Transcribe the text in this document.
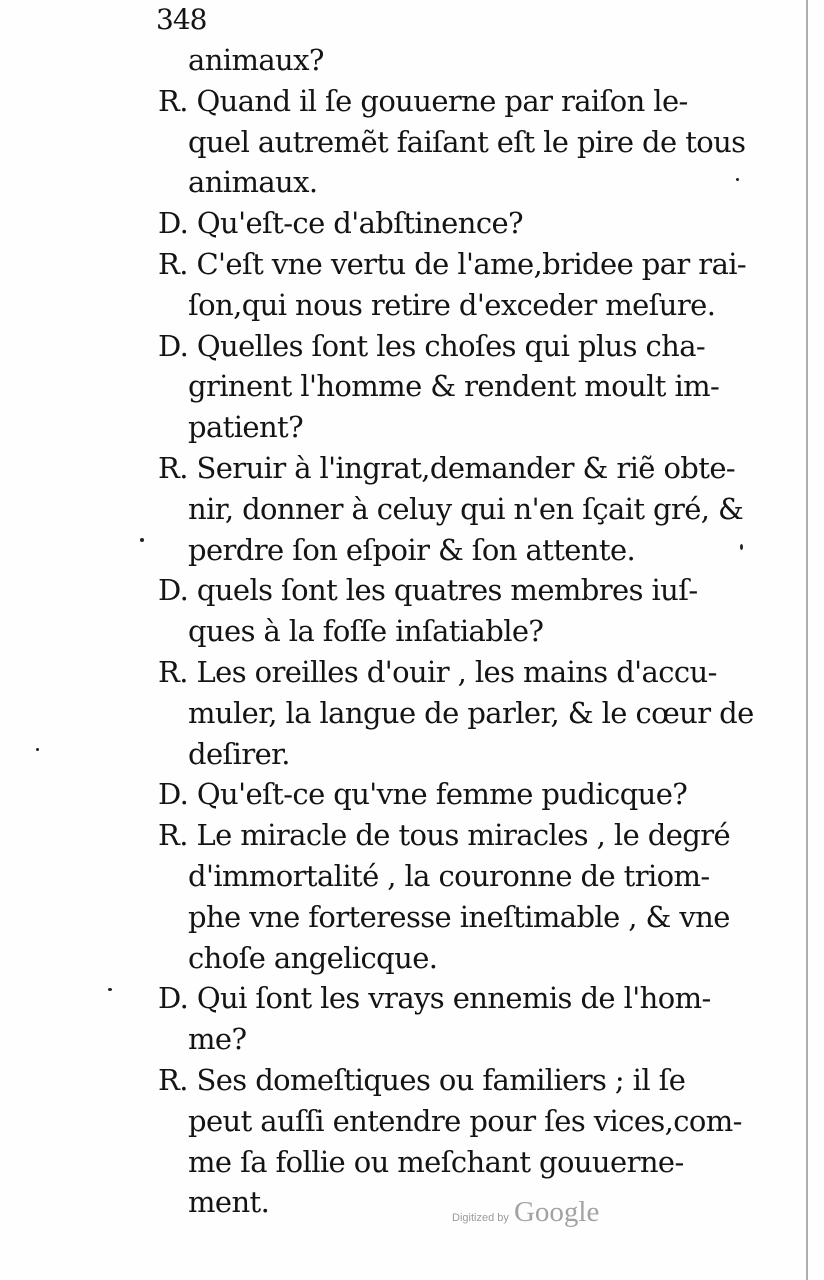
348
animaux?
R. Quand il ſe gouuerne par raiſon le-
quel autremẽt faiſant eſt le pire de tous
animaux.
D. Qu'eſt-ce d'abſtinence?
R. C'eſt vne vertu de l'ame,bridee par rai-
ſon,qui nous retire d'exceder meſure.
D. Quelles ſont les choſes qui plus cha-
grinent l'homme & rendent moult im-
patient?
R. Seruir à l'ingrat,demander & riẽ obte-
nir, donner à celuy qui n'en ſçait gré, &
perdre ſon eſpoir & ſon attente.
D. quels ſont les quatres membres iuſ-
ques à la foſſe inſatiable?
R. Les oreilles d'ouir , les mains d'accu-
muler, la langue de parler, & le cœur de
deſirer.
D. Qu'eſt-ce qu'vne femme pudicque?
R. Le miracle de tous miracles , le degré
d'immortalité , la couronne de triom-
phe vne forteresse ineſtimable , & vne
choſe angelicque.
D. Qui ſont les vrays ennemis de l'hom-
me?
R. Ses domeſtiques ou familiers ; il ſe
peut auſſi entendre pour ſes vices,com-
me ſa follie ou meſchant gouuerne-
ment.	Digitized by Google
